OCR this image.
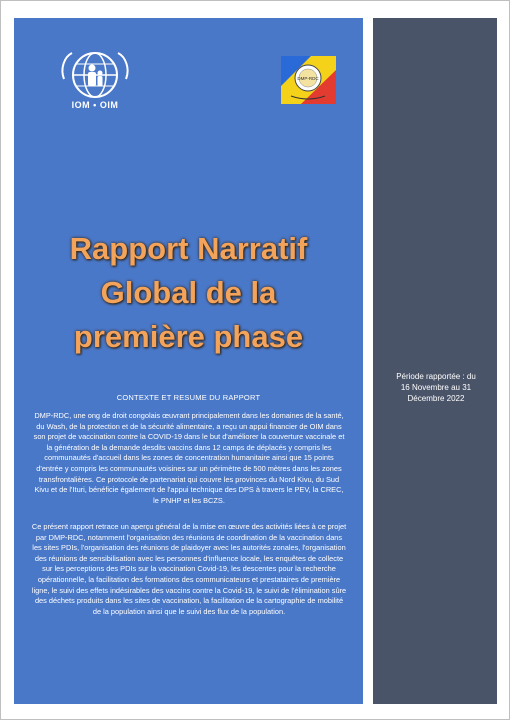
IOM • OIM
DMP-RDC
Rapport Narratif
Global de la
première phase
CONTEXTE ET RESUME DU RAPPORT
DMP-RDC, une ong de droit congolais œuvrant principalement dans les domaines de la santé, du Wash, de la protection et de la sécurité alimentaire, a reçu un appui financier de OIM dans son projet de vaccination contre la COVID-19 dans le but d'améliorer la couverture vaccinale et la génération de la demande desdits vaccins dans 12 camps de déplacés y compris les communautés d'accueil dans les zones de concentration humanitaire ainsi que 15 points d'entrée y compris les communautés voisines sur un périmètre de 500 mètres dans les zones transfrontalières. Ce protocole de partenariat qui couvre les provinces du Nord Kivu, du Sud Kivu et de l'Ituri, bénéficie également de l'appui technique des DPS à travers le PEV, la CREC, le PNHP et les BCZS.
Ce présent rapport retrace un aperçu général de la mise en œuvre des activités liées à ce projet par DMP-RDC, notamment l'organisation des réunions de coordination de la vaccination dans les sites PDIs, l'organisation des réunions de plaidoyer avec les autorités zonales, l'organisation des réunions de sensibilisation avec les personnes d'influence locale, les enquêtes de collecte sur les perceptions des PDIs sur la vaccination Covid-19, les descentes pour la recherche opérationnelle, la facilitation des formations des communicateurs et prestataires de première ligne, le suivi des effets indésirables des vaccins contre la Covid-19, le suivi de l'élimination sûre des déchets produits dans les sites de vaccination, la facilitation de la cartographie de mobilité de la population ainsi que le suivi des flux de la population.
Période rapportée : du
16 Novembre au 31
Décembre 2022
